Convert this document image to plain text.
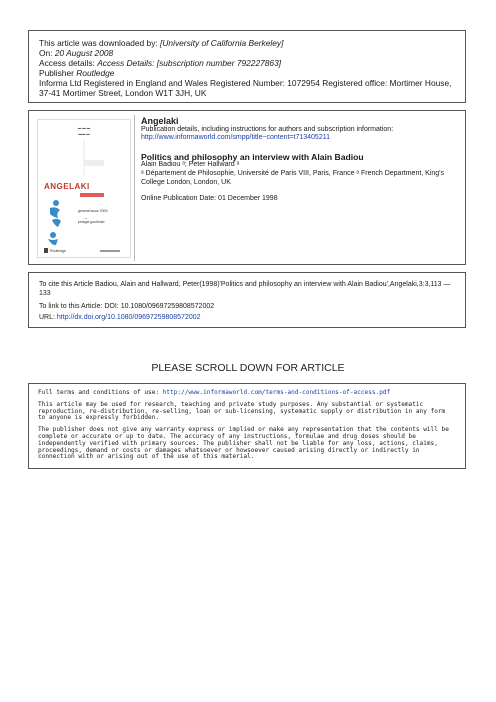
This article was downloaded by: [University of California Berkeley]
On: 20 August 2008
Access details: Access Details: [subscription number 792227863]
Publisher Routledge
Informa Ltd Registered in England and Wales Registered Number: 1072954 Registered office: Mortimer House,
37-41 Mortimer Street, London W1T 3JH, UK
▬ ▬ ▬
▬▬ ▬
ANGELAKI
general issue 2000
—
pelagia goulimari
Routledge
Angelaki
Publication details, including instructions for authors and subscription information:
http://www.informaworld.com/smpp/title~content=t713405211
Politics and philosophy an interview with Alain Badiou
Alain Badiou ᵃ; Peter Hallward ᵃ
ᵃ Département de Philosophie, Université de Paris VIII, Paris, France ᵃ French Department, King's College London, London, UK
Online Publication Date: 01 December 1998
To cite this Article Badiou, Alain and Hallward, Peter(1998)'Politics and philosophy an interview with Alain Badiou',Angelaki,3:3,113 — 133
To link to this Article: DOI: 10.1080/09697259808572002
URL: http://dx.doi.org/10.1080/09697259808572002
PLEASE SCROLL DOWN FOR ARTICLE

Full terms and conditions of use: http://www.informaworld.com/terms-and-conditions-of-access.pdf

This article may be used for research, teaching and private study purposes. Any substantial or systematic reproduction, re-distribution, re-selling, loan or sub-licensing, systematic supply or distribution in any form to anyone is expressly forbidden.

The publisher does not give any warranty express or implied or make any representation that the contents will be complete or accurate or up to date. The accuracy of any instructions, formulae and drug doses should be independently verified with primary sources. The publisher shall not be liable for any loss, actions, claims, proceedings, demand or costs or damages whatsoever or howsoever caused arising directly or indirectly in connection with or arising out of the use of this material.
